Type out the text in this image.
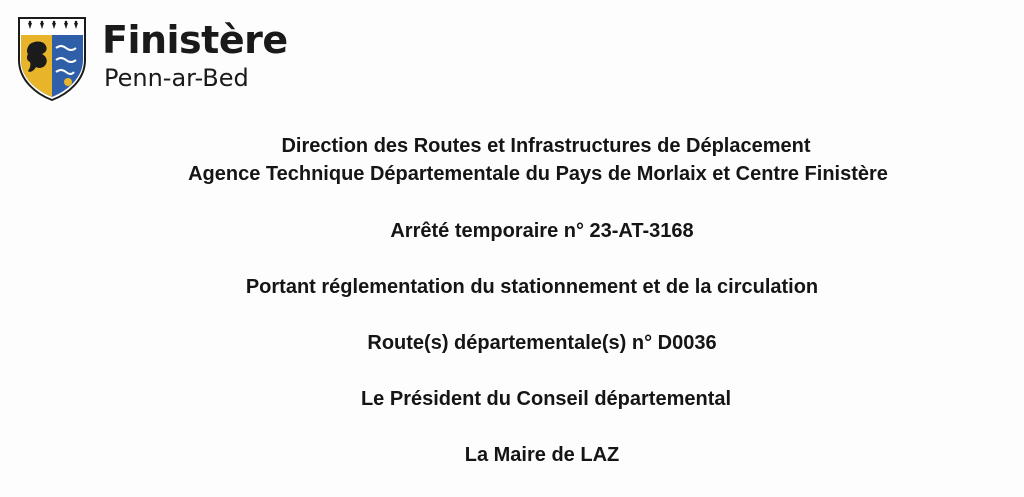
Finistère
Penn-ar-Bed
Direction des Routes et Infrastructures de Déplacement
Agence Technique Départementale du Pays de Morlaix et Centre Finistère
Arrêté temporaire n° 23-AT-3168
Portant réglementation du stationnement et de la circulation
Route(s) départementale(s) n° D0036
Le Président du Conseil départemental
La Maire de LAZ
